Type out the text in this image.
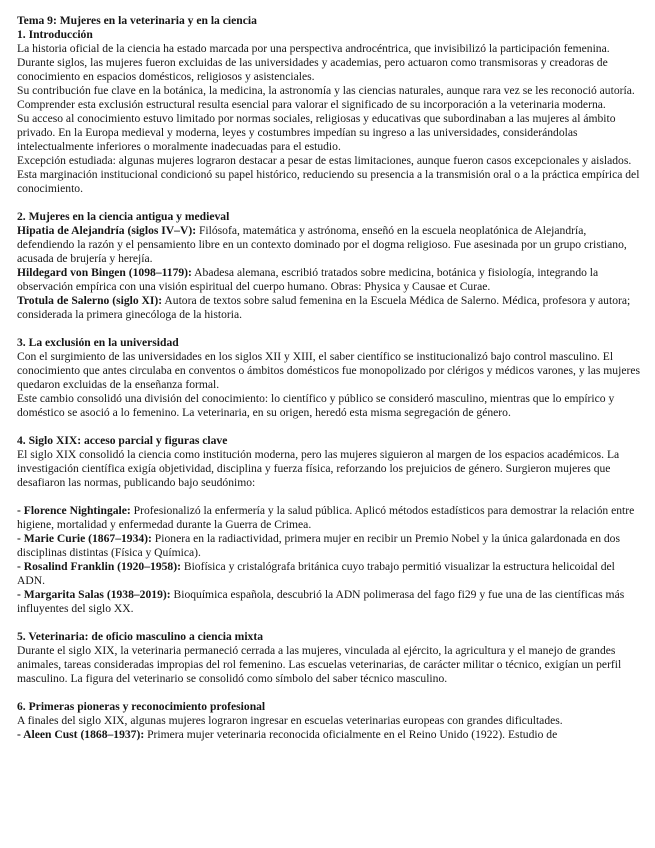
Tema 9: Mujeres en la veterinaria y en la ciencia
1. Introducción

La historia oficial de la ciencia ha estado marcada por una perspectiva androcéntrica, que invisibilizó la participación femenina. Durante siglos, las mujeres fueron excluidas de las universidades y academias, pero actuaron como transmisoras y creadoras de conocimiento en espacios domésticos, religiosos y asistenciales.

Su contribución fue clave en la botánica, la medicina, la astronomía y las ciencias naturales, aunque rara vez se les reconoció autoría. Comprender esta exclusión estructural resulta esencial para valorar el significado de su incorporación a la veterinaria moderna.

Su acceso al conocimiento estuvo limitado por normas sociales, religiosas y educativas que subordinaban a las mujeres al ámbito privado. En la Europa medieval y moderna, leyes y costumbres impedían su ingreso a las universidades, considerándolas intelectualmente inferiores o moralmente inadecuadas para el estudio.

Excepción estudiada: algunas mujeres lograron destacar a pesar de estas limitaciones, aunque fueron casos excepcionales y aislados.

Esta marginación institucional condicionó su papel histórico, reduciendo su presencia a la transmisión oral o a la práctica empírica del conocimiento.

2. Mujeres en la ciencia antigua y medieval

Hipatia de Alejandría (siglos IV–V): Filósofa, matemática y astrónoma, enseñó en la escuela neoplatónica de Alejandría, defendiendo la razón y el pensamiento libre en un contexto dominado por el dogma religioso. Fue asesinada por un grupo cristiano, acusada de brujería y herejía.

Hildegard von Bingen (1098–1179): Abadesa alemana, escribió tratados sobre medicina, botánica y fisiología, integrando la observación empírica con una visión espiritual del cuerpo humano. Obras: Physica y Causae et Curae.

Trotula de Salerno (siglo XI): Autora de textos sobre salud femenina en la Escuela Médica de Salerno. Médica, profesora y autora; considerada la primera ginecóloga de la historia.

3. La exclusión en la universidad

Con el surgimiento de las universidades en los siglos XII y XIII, el saber científico se institucionalizó bajo control masculino. El conocimiento que antes circulaba en conventos o ámbitos domésticos fue monopolizado por clérigos y médicos varones, y las mujeres quedaron excluidas de la enseñanza formal.

Este cambio consolidó una división del conocimiento: lo científico y público se consideró masculino, mientras que lo empírico y doméstico se asoció a lo femenino. La veterinaria, en su origen, heredó esta misma segregación de género.

4. Siglo XIX: acceso parcial y figuras clave

El siglo XIX consolidó la ciencia como institución moderna, pero las mujeres siguieron al margen de los espacios académicos. La investigación científica exigía objetividad, disciplina y fuerza física, reforzando los prejuicios de género. Surgieron mujeres que desafiaron las normas, publicando bajo seudónimo:

- Florence Nightingale: Profesionalizó la enfermería y la salud pública. Aplicó métodos estadísticos para demostrar la relación entre higiene, mortalidad y enfermedad durante la Guerra de Crimea.

- Marie Curie (1867–1934): Pionera en la radiactividad, primera mujer en recibir un Premio Nobel y la única galardonada en dos disciplinas distintas (Física y Química).

- Rosalind Franklin (1920–1958): Biofísica y cristalógrafa británica cuyo trabajo permitió visualizar la estructura helicoidal del ADN.

- Margarita Salas (1938–2019): Bioquímica española, descubrió la ADN polimerasa del fago fi29 y fue una de las científicas más influyentes del siglo XX.

5. Veterinaria: de oficio masculino a ciencia mixta

Durante el siglo XIX, la veterinaria permaneció cerrada a las mujeres, vinculada al ejército, la agricultura y el manejo de grandes animales, tareas consideradas impropias del rol femenino. Las escuelas veterinarias, de carácter militar o técnico, exigían un perfil masculino. La figura del veterinario se consolidó como símbolo del saber técnico masculino.

6. Primeras pioneras y reconocimiento profesional

A finales del siglo XIX, algunas mujeres lograron ingresar en escuelas veterinarias europeas con grandes dificultades.

- Aleen Cust (1868–1937): Primera mujer veterinaria reconocida oficialmente en el Reino Unido (1922). Estudio de
